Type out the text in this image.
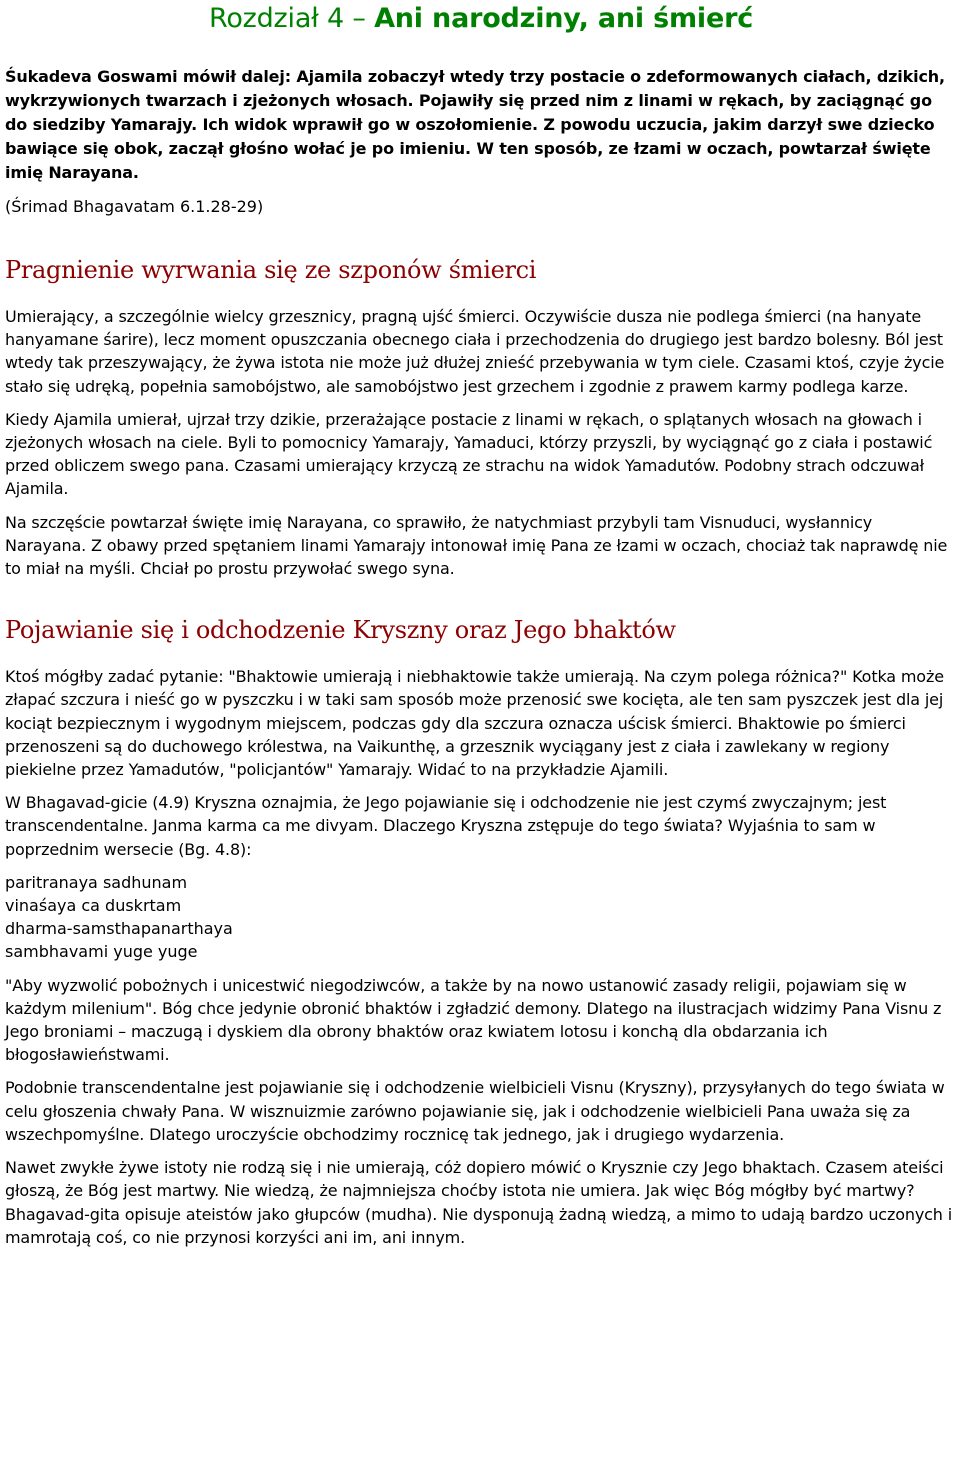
Rozdział 4 – Ani narodziny, ani śmierć

Śukadeva Goswami mówił dalej: Ajamila zobaczył wtedy trzy postacie o zdeformowanych ciałach, dzikich, wykrzywionych twarzach i zjeżonych włosach. Pojawiły się przed nim z linami w rękach, by zaciągnąć go do siedziby Yamarajy. Ich widok wprawił go w oszołomienie. Z powodu uczucia, jakim darzył swe dziecko bawiące się obok, zaczął głośno wołać je po imieniu. W ten sposób, ze łzami w oczach, powtarzał święte imię Narayana.

(Śrimad Bhagavatam 6.1.28-29)

Pragnienie wyrwania się ze szponów śmierci

Umierający, a szczególnie wielcy grzesznicy, pragną ujść śmierci. Oczywiście dusza nie podlega śmierci (na hanyate hanyamane śarire), lecz moment opuszczania obecnego ciała i przechodzenia do drugiego jest bardzo bolesny. Ból jest wtedy tak przeszywający, że żywa istota nie może już dłużej znieść przebywania w tym ciele. Czasami ktoś, czyje życie stało się udręką, popełnia samobójstwo, ale samobójstwo jest grzechem i zgodnie z prawem karmy podlega karze.

Kiedy Ajamila umierał, ujrzał trzy dzikie, przerażające postacie z linami w rękach, o splątanych włosach na głowach i zjeżonych włosach na ciele. Byli to pomocnicy Yamarajy, Yamaduci, którzy przyszli, by wyciągnąć go z ciała i postawić przed obliczem swego pana. Czasami umierający krzyczą ze strachu na widok Yamadutów. Podobny strach odczuwał Ajamila.

Na szczęście powtarzał święte imię Narayana, co sprawiło, że natychmiast przybyli tam Visnuduci, wysłannicy Narayana. Z obawy przed spętaniem linami Yamarajy intonował imię Pana ze łzami w oczach, chociaż tak naprawdę nie to miał na myśli. Chciał po prostu przywołać swego syna.

Pojawianie się i odchodzenie Kryszny oraz Jego bhaktów

Ktoś mógłby zadać pytanie: "Bhaktowie umierają i niebhaktowie także umierają. Na czym polega różnica?" Kotka może złapać szczura i nieść go w pyszczku i w taki sam sposób może przenosić swe kocięta, ale ten sam pyszczek jest dla jej kociąt bezpiecznym i wygodnym miejscem, podczas gdy dla szczura oznacza uścisk śmierci. Bhaktowie po śmierci przenoszeni są do duchowego królestwa, na Vaikunthę, a grzesznik wyciągany jest z ciała i zawlekany w regiony piekielne przez Yamadutów, "policjantów" Yamarajy. Widać to na przykładzie Ajamili.

W Bhagavad-gicie (4.9) Kryszna oznajmia, że Jego pojawianie się i odchodzenie nie jest czymś zwyczajnym; jest transcendentalne. Janma karma ca me divyam. Dlaczego Kryszna zstępuje do tego świata? Wyjaśnia to sam w poprzednim wersecie (Bg. 4.8):

paritranaya sadhunam
vinaśaya ca duskrtam
dharma-samsthapanarthaya
sambhavami yuge yuge

"Aby wyzwolić pobożnych i unicestwić niegodziwców, a także by na nowo ustanowić zasady religii, pojawiam się w każdym milenium". Bóg chce jedynie obronić bhaktów i zgładzić demony. Dlatego na ilustracjach widzimy Pana Visnu z Jego broniami – maczugą i dyskiem dla obrony bhaktów oraz kwiatem lotosu i konchą dla obdarzania ich błogosławieństwami.

Podobnie transcendentalne jest pojawianie się i odchodzenie wielbicieli Visnu (Kryszny), przysyłanych do tego świata w celu głoszenia chwały Pana. W wisznuizmie zarówno pojawianie się, jak i odchodzenie wielbicieli Pana uważa się za wszechpomyślne. Dlatego uroczyście obchodzimy rocznicę tak jednego, jak i drugiego wydarzenia.

Nawet zwykłe żywe istoty nie rodzą się i nie umierają, cóż dopiero mówić o Krysznie czy Jego bhaktach. Czasem ateiści głoszą, że Bóg jest martwy. Nie wiedzą, że najmniejsza choćby istota nie umiera. Jak więc Bóg mógłby być martwy? Bhagavad-gita opisuje ateistów jako głupców (mudha). Nie dysponują żadną wiedzą, a mimo to udają bardzo uczonych i mamrotają coś, co nie przynosi korzyści ani im, ani innym.
